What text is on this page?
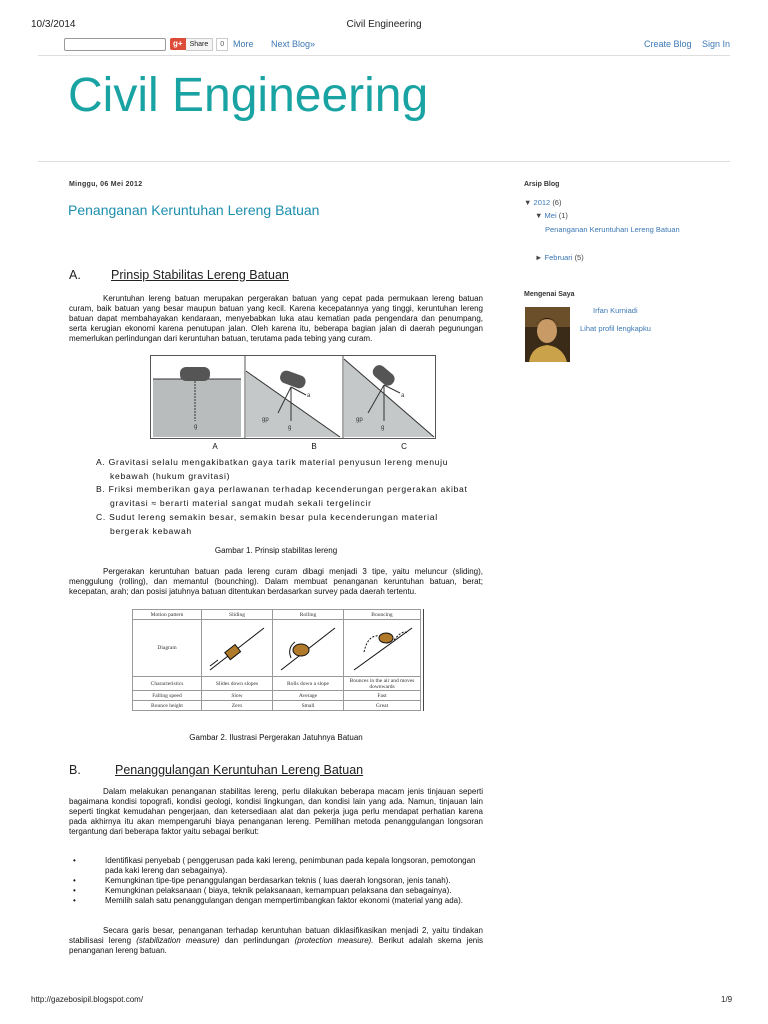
10/3/2014	Civil Engineering
g+	Share	0 More Next Blog»	Create Blog Sign In
Civil Engineering
Minggu, 06 Mei 2012
Penanganan Keruntuhan Lereng Batuan
A. Prinsip Stabilitas Lereng Batuan

Keruntuhan lereng batuan merupakan pergerakan batuan yang cepat pada permukaan lereng batuan curam, baik batuan yang besar maupun batuan yang kecil. Karena kecepatannya yang tinggi, keruntuhan lereng batuan dapat membahayakan kendaraan, menyebabkan luka atau kematian pada pengendara dan penumpang, serta kerugian ekonomi karena penutupan jalan. Oleh karena itu, beberapa bagian jalan di daerah pegunungan memerlukan perlindungan dari keruntuhan batuan, terutama pada tebing yang curam.

g
a
gp
g
a
gp
g
A	B	C
A. Gravitasi selalu mengakibatkan gaya tarik material penyusun lereng menuju
kebawah (hukum gravitasi)
B. Friksi memberikan gaya perlawanan terhadap kecenderungan pergerakan akibat
gravitasi ≈ berarti material sangat mudah sekali tergelincir
C. Sudut lereng semakin besar, semakin besar pula kecenderungan material
bergerak kebawah
Gambar 1. Prinsip stabilitas lereng

Pergerakan keruntuhan batuan pada lereng curam dibagi menjadi 3 tipe, yaitu meluncur (sliding), menggulung (rolling), dan memantul (bounching). Dalam membuat penanganan keruntuhan batuan, berat; kecepatan, arah; dan posisi jatuhnya batuan ditentukan berdasarkan survey pada daerah tertentu.

Motion pattern	Sliding	Rolling	Bouncing
Diagram			
Characteristics	Slides down slopes	Rolls down a slope	Bounces in the air and moves downwards
Falling speed	Slow	Average	Fast
Bounce height	Zero	Small	Great
Gambar 2. Ilustrasi Pergerakan Jatuhnya Batuan
B.	Penanggulangan Keruntuhan Lereng Batuan

Dalam melakukan penanganan stabilitas lereng, perlu dilakukan beberapa macam jenis tinjauan seperti bagaimana kondisi topografi, kondisi geologi, kondisi lingkungan, dan kondisi lain yang ada. Namun, tinjauan lain seperti tingkat kemudahan pengerjaan, dan ketersediaan alat dan pekerja juga perlu mendapat perhatian karena pada akhirnya itu akan mempengaruhi biaya penanganan lereng. Pemilihan metoda penanggulangan longsoran tergantung dari beberapa faktor yaitu sebagai berikut:

•	Identifikasi penyebab ( penggerusan pada kaki lereng, penimbunan pada kepala longsoran, pemotongan pada kaki lereng dan sebagainya).
•	Kemungkinan tipe-tipe penanggulangan berdasarkan teknis ( luas daerah longsoran, jenis tanah).
•	Kemungkinan pelaksanaan ( biaya, teknik pelaksanaan, kemampuan pelaksana dan sebagainya).
•	Memilih salah satu penanggulangan dengan mempertimbangkan faktor ekonomi (material yang ada).

Secara garis besar, penanganan terhadap keruntuhan batuan diklasifikasikan menjadi 2, yaitu tindakan stabilisasi lereng (stabilization measure) dan perlindungan (protection measure). Berikut adalah skema jenis penanganan lereng batuan.

Arsip Blog
▼ 2012 (6)
▼ Mei (1)
Penanganan Keruntuhan Lereng Batuan
► Februari (5)
Mengenai Saya
Irfan Kurniadi
Lihat profil lengkapku
http://gazebosipil.blogspot.com/	1/9
